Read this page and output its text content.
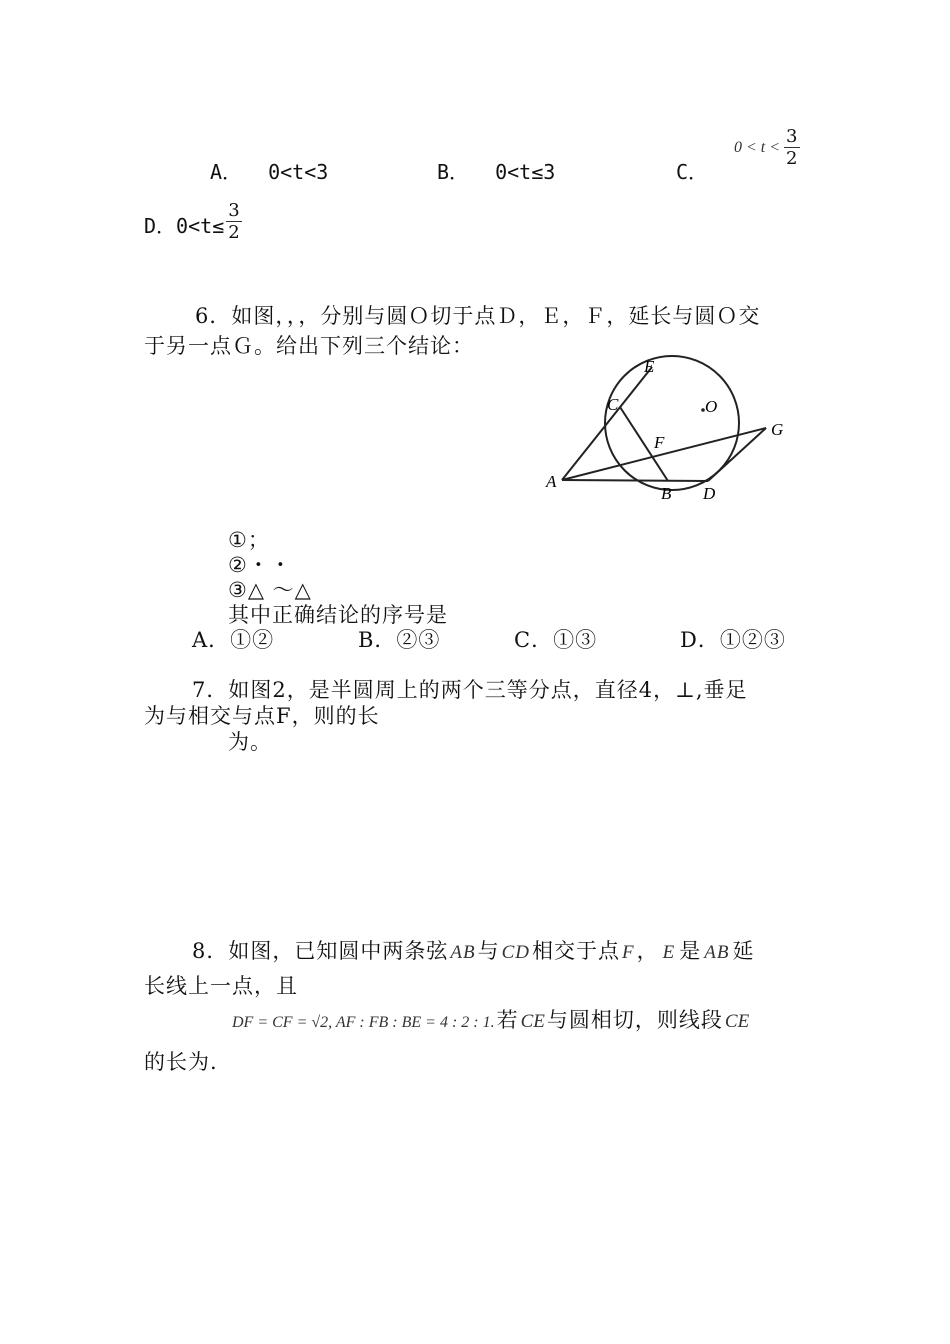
A． 0<t<3	B． 0<t≤3	C．
$0 < t < \frac{3}{2}$
D．$0<t\le \frac{3}{2}$
6．如图，，，分别与圆Ｏ切于点Ｄ，Ｅ，Ｆ，延长与圆Ｏ交
于另一点Ｇ。给出下列三个结论：
E
C	O
G
F
A
B D
①；
②・・
③△ ～△
其中正确结论的序号是
A．①②	B．②③	C．①③	D．①②③
7．如图2，是半圆周上的两个三等分点，直径4，⊥,垂足
为与相交与点F，则的长
为。
8．如图，已知圆中两条弦 AB 与 CD 相交于点 F ， E 是 AB 延
长线上一点，且
DF = CF = √2, AF : FB : BE = 4 : 2 : 1. 若 CE 与圆相切，则线段 CE
的长为.
